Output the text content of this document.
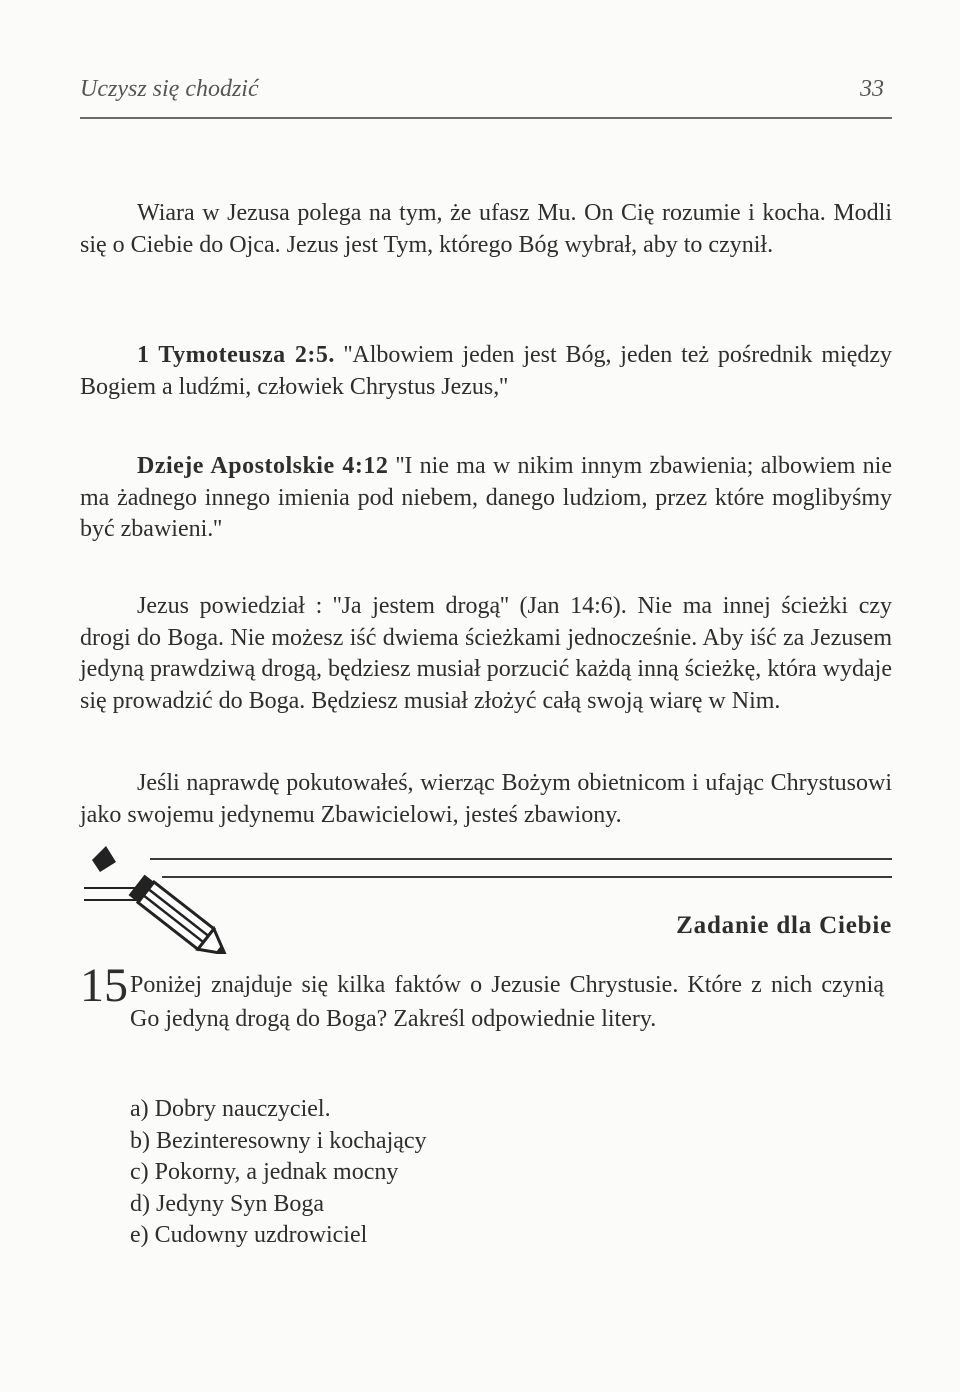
Uczysz się chodzić	33

Wiara w Jezusa polega na tym, że ufasz Mu. On Cię rozumie i kocha. Modli się o Ciebie do Ojca. Jezus jest Tym, którego Bóg wybrał, aby to czynił.

1 Tymoteusza 2:5. ''Albowiem jeden jest Bóg, jeden też pośrednik między Bogiem a ludźmi, człowiek Chrystus Jezus,''

Dzieje Apostolskie 4:12 ''I nie ma w nikim innym zbawienia; albowiem nie ma żadnego innego imienia pod niebem, danego ludziom, przez które moglibyśmy być zbawieni.''

Jezus powiedział : ''Ja jestem drogą'' (Jan 14:6). Nie ma innej ścieżki czy drogi do Boga. Nie możesz iść dwiema ścieżkami jednocześnie. Aby iść za Jezusem jedyną prawdziwą drogą, będziesz musiał porzucić każdą inną ścieżkę, która wydaje się prowadzić do Boga. Będziesz musiał złożyć całą swoją wiarę w Nim.

Jeśli naprawdę pokutowałeś, wierząc Bożym obietnicom i ufając Chrystusowi jako swojemu jedynemu Zbawicielowi, jesteś zbawiony.

Zadanie dla Ciebie
15 Poniżej znajduje się kilka faktów o Jezusie Chrystusie. Które z nich czynią Go jedyną drogą do Boga? Zakreśl odpowiednie litery.

a) Dobry nauczyciel.
b) Bezinteresowny i kochający
c) Pokorny, a jednak mocny
d) Jedyny Syn Boga
e) Cudowny uzdrowiciel
